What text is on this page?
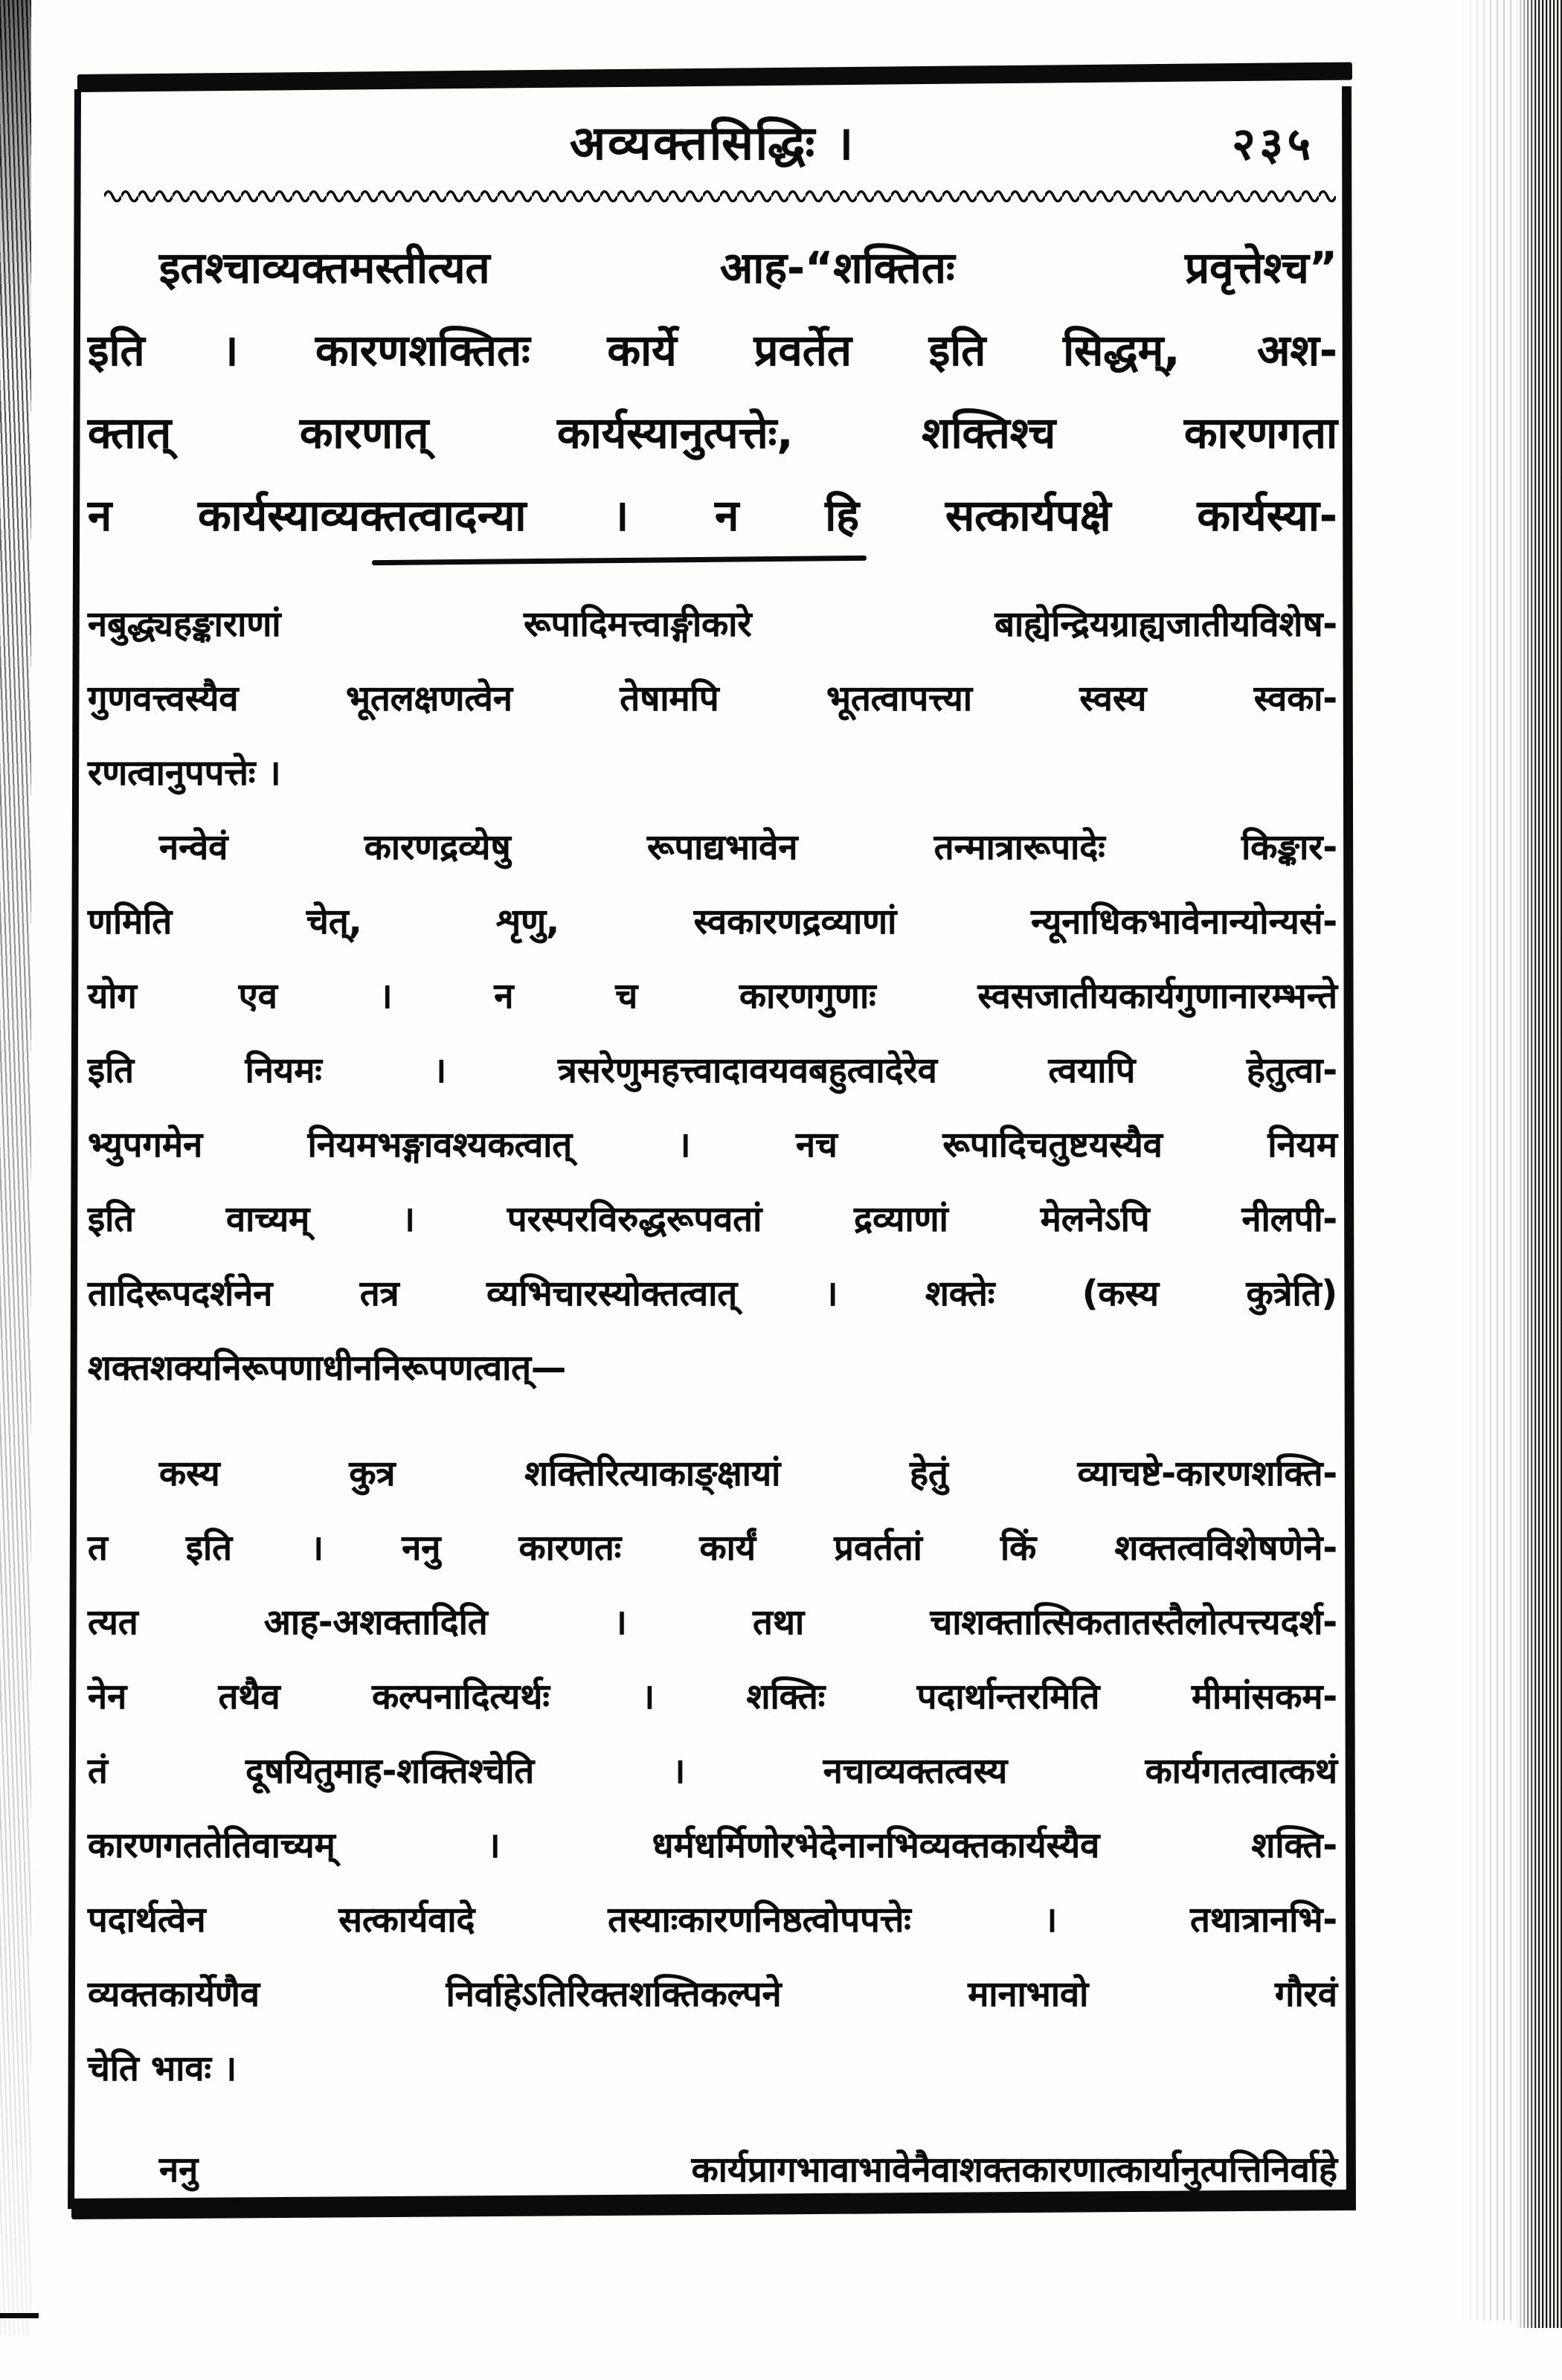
अव्यक्तसिद्धिः ।	२३५
इतश्चाव्यक्तमस्तीत्यत आह-“शक्तितः प्रवृत्तेश्च”
इति । कारणशक्तितः कार्ये प्रवर्तेत इति सिद्धम्, अश-
क्तात् कारणात् कार्यस्यानुत्पत्तेः, शक्तिश्च कारणगता
न कार्यस्याव्यक्तत्वादन्या । न हि सत्कार्यपक्षे कार्यस्या-
नबुद्ध्यहङ्काराणां रूपादिमत्त्वाङ्गीकारे बाह्येन्द्रियग्राह्यजातीयविशेष-
गुणवत्त्वस्यैव भूतलक्षणत्वेन तेषामपि भूतत्वापत्त्या स्वस्य स्वका-
रणत्वानुपपत्तेः ।
नन्वेवं कारणद्रव्येषु रूपाद्यभावेन तन्मात्रारूपादेः किङ्कार-
णमिति चेत्, शृणु, स्वकारणद्रव्याणां न्यूनाधिकभावेनान्योन्यसं-
योग एव । न च कारणगुणाः स्वसजातीयकार्यगुणानारम्भन्ते
इति नियमः । त्रसरेणुमहत्त्वादावयवबहुत्वादेरेव त्वयापि हेतुत्वा-
भ्युपगमेन नियमभङ्गावश्यकत्वात् । नच रूपादिचतुष्टयस्यैव नियम
इति वाच्यम् । परस्परविरुद्धरूपवतां द्रव्याणां मेलनेऽपि नीलपी-
तादिरूपदर्शनेन तत्र व्यभिचारस्योक्तत्वात् । शक्तेः (कस्य कुत्रेति)
शक्तशक्यनिरूपणाधीननिरूपणत्वात्—
कस्य कुत्र शक्तिरित्याकाङ्क्षायां हेतुं व्याचष्टे-कारणशक्ति-
त इति । ननु कारणतः कार्यं प्रवर्ततां किं शक्तत्वविशेषणेने-
त्यत आह-अशक्तादिति । तथा चाशक्तात्सिकतातस्तैलोत्पत्त्यदर्श-
नेन तथैव कल्पनादित्यर्थः । शक्तिः पदार्थान्तरमिति मीमांसकम-
तं दूषयितुमाह-शक्तिश्चेति । नचाव्यक्तत्वस्य कार्यगतत्वात्कथं
कारणगततेतिवाच्यम् । धर्मधर्मिणोरभेदेनानभिव्यक्तकार्यस्यैव शक्ति-
पदार्थत्वेन सत्कार्यवादे तस्याःकारणनिष्ठत्वोपपत्तेः । तथात्रानभि-
व्यक्तकार्येणैव निर्वाहेऽतिरिक्तशक्तिकल्पने मानाभावो गौरवं
चेति भावः ।
ननु कार्यप्रागभावाभावेनैवाशक्तकारणात्कार्यानुत्पत्तिनिर्वाहे
